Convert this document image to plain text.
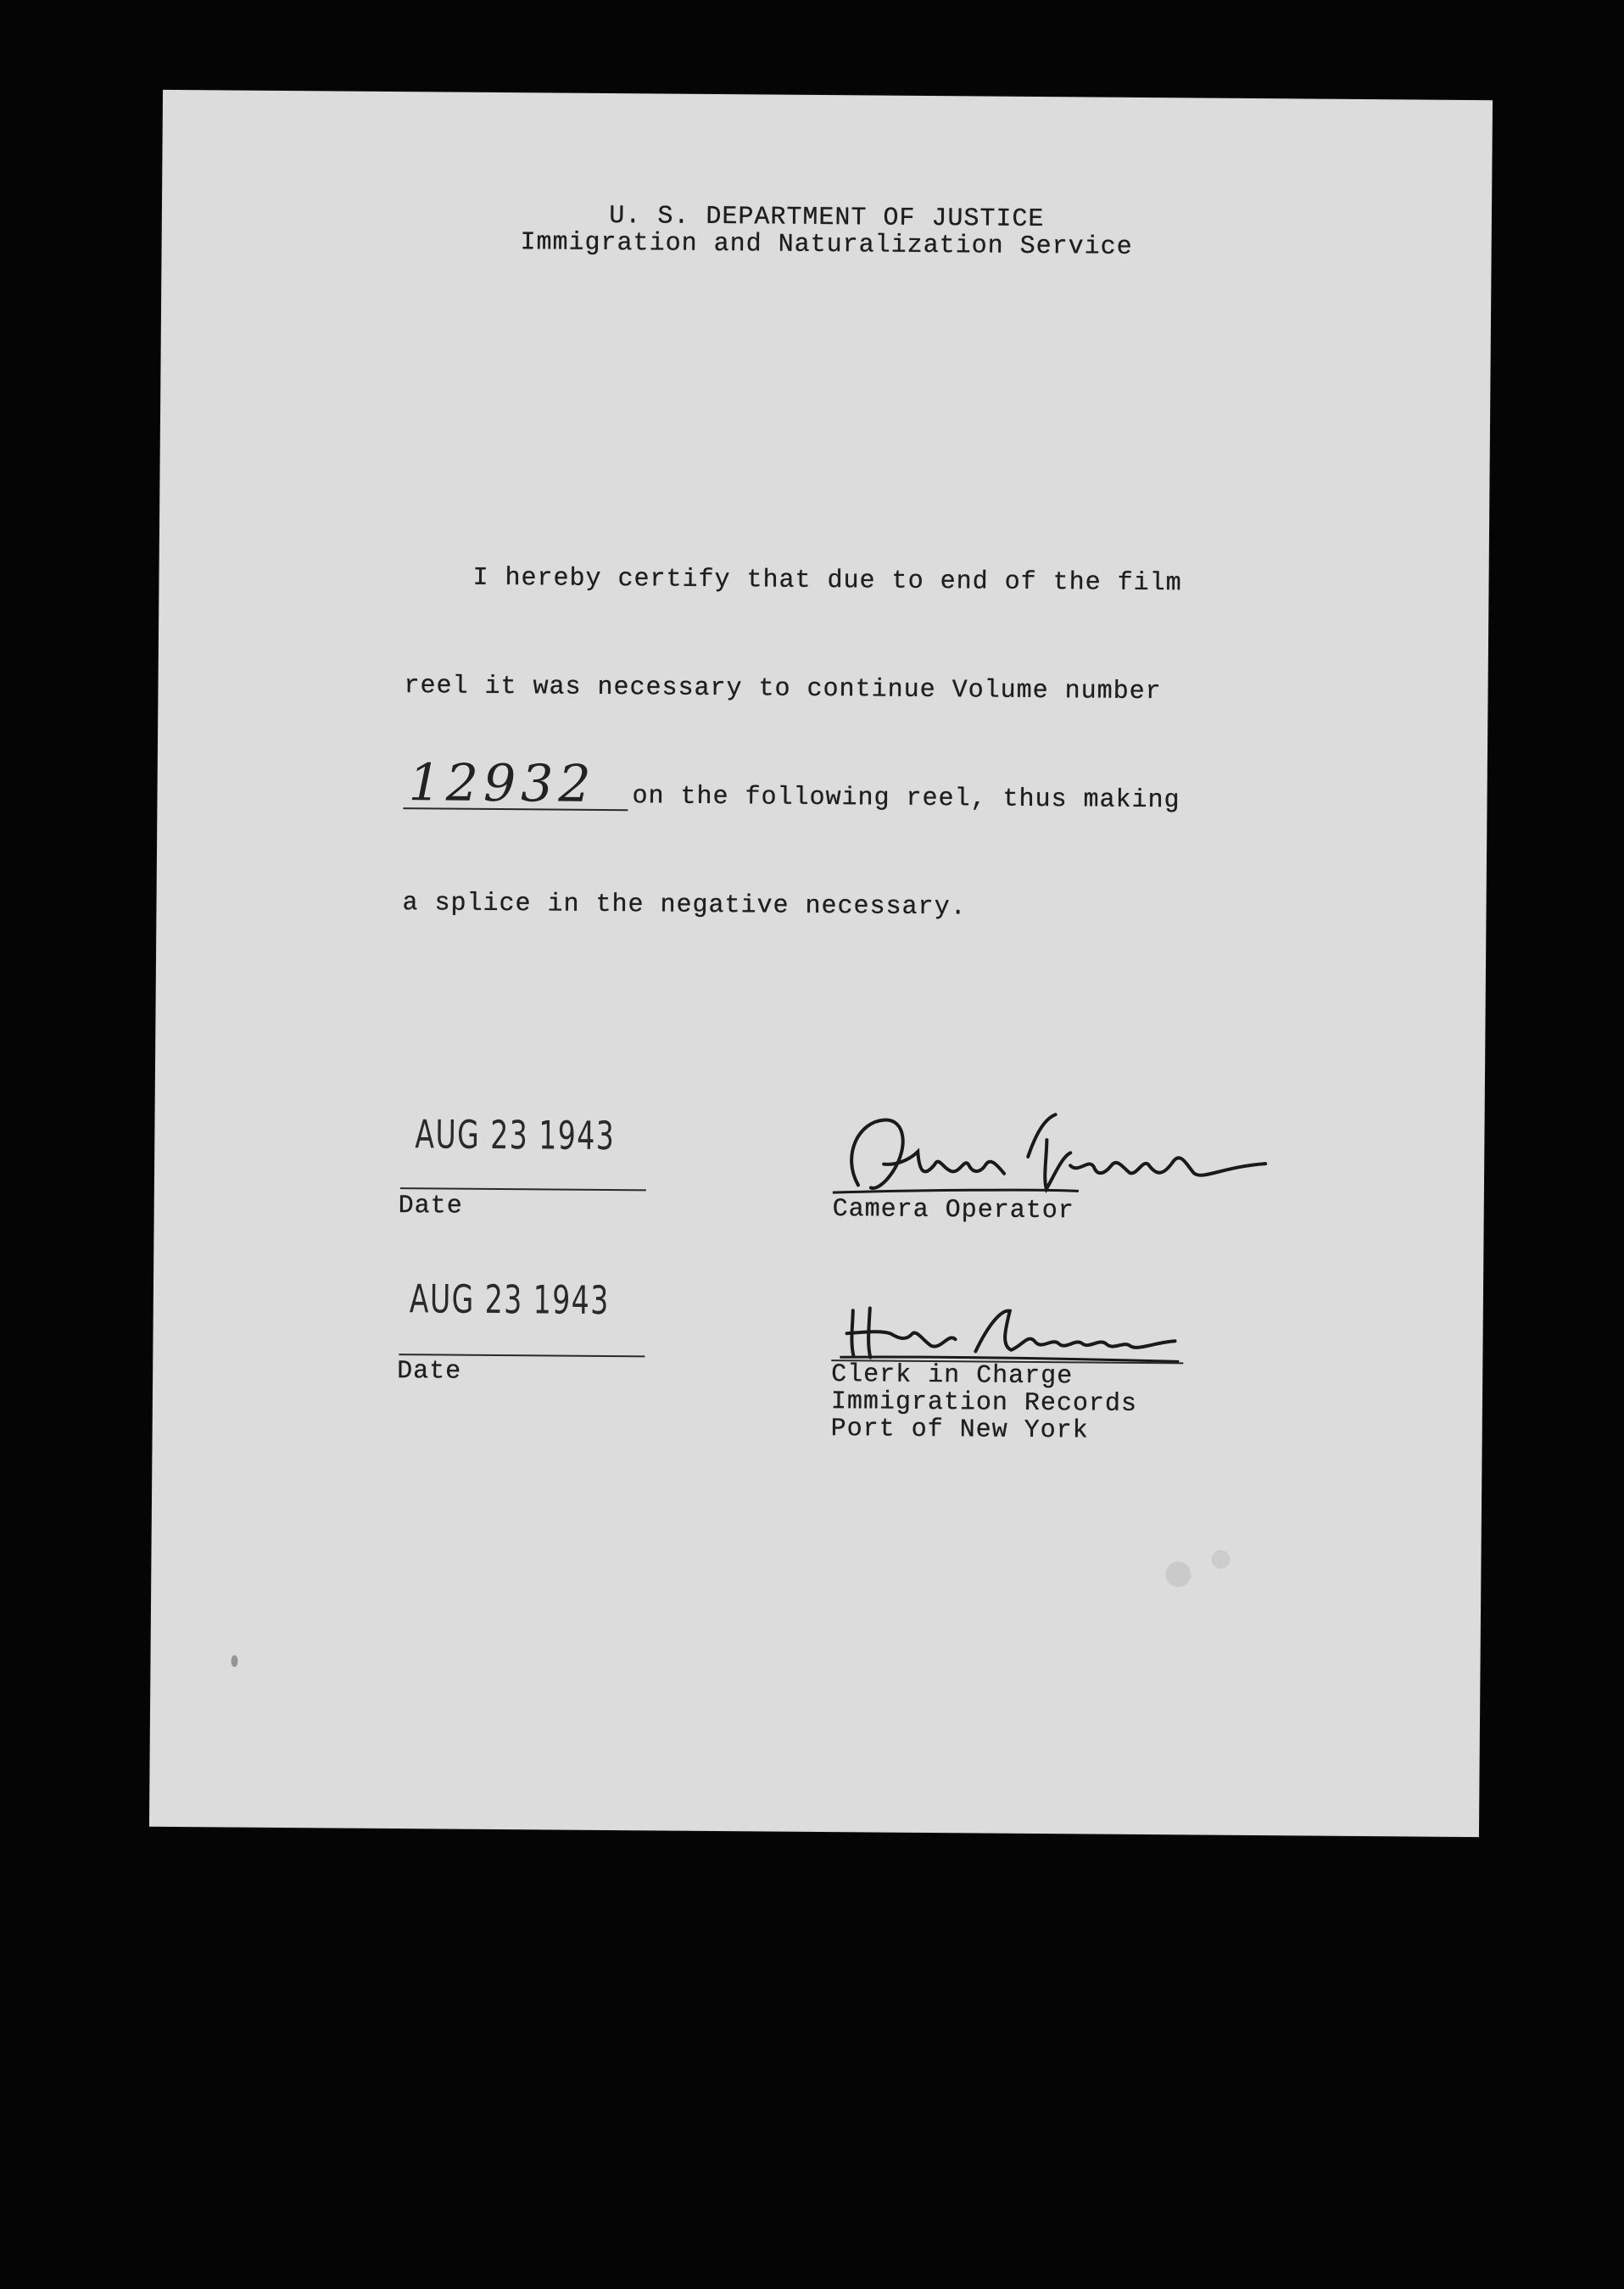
U. S. DEPARTMENT OF JUSTICE
Immigration and Naturalization Service
I hereby certify that due to end of the film
reel it was necessary to continue Volume number
12932 on the following reel, thus making
a splice in the negative necessary.
AUG 23 1943
Date	Camera Operator
AUG 23 1943
Date	Clerk in Charge
Immigration Records
Port of New York
